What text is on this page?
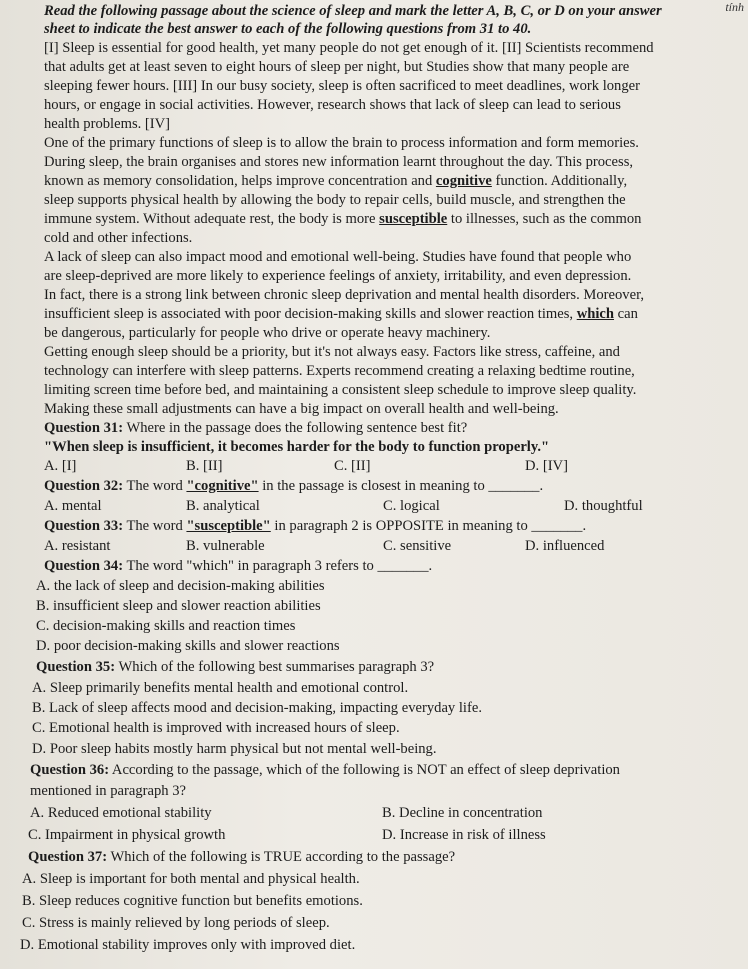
tính
Read the following passage about the science of sleep and mark the letter A, B, C, or D on your answer
sheet to indicate the best answer to each of the following questions from 31 to 40.
[I] Sleep is essential for good health, yet many people do not get enough of it. [II] Scientists recommend
that adults get at least seven to eight hours of sleep per night, but Studies show that many people are
sleeping fewer hours. [III] In our busy society, sleep is often sacrificed to meet deadlines, work longer
hours, or engage in social activities. However, research shows that lack of sleep can lead to serious
health problems. [IV]
One of the primary functions of sleep is to allow the brain to process information and form memories.
During sleep, the brain organises and stores new information learnt throughout the day. This process,
known as memory consolidation, helps improve concentration and cognitive function. Additionally,
sleep supports physical health by allowing the body to repair cells, build muscle, and strengthen the
immune system. Without adequate rest, the body is more susceptible to illnesses, such as the common
cold and other infections.
A lack of sleep can also impact mood and emotional well-being. Studies have found that people who
are sleep-deprived are more likely to experience feelings of anxiety, irritability, and even depression.
In fact, there is a strong link between chronic sleep deprivation and mental health disorders. Moreover,
insufficient sleep is associated with poor decision-making skills and slower reaction times, which can
be dangerous, particularly for people who drive or operate heavy machinery.
Getting enough sleep should be a priority, but it's not always easy. Factors like stress, caffeine, and
technology can interfere with sleep patterns. Experts recommend creating a relaxing bedtime routine,
limiting screen time before bed, and maintaining a consistent sleep schedule to improve sleep quality.
Making these small adjustments can have a big impact on overall health and well-being.
Question 31: Where in the passage does the following sentence best fit?
"When sleep is insufficient, it becomes harder for the body to function properly."
A. [I]	B. [II]	C. [II]	D. [IV]
Question 32: The word "cognitive" in the passage is closest in meaning to _______.
A. mental	B. analytical	C. logical	D. thoughtful
Question 33: The word "susceptible" in paragraph 2 is OPPOSITE in meaning to _______.
A. resistant	B. vulnerable	C. sensitive	D. influenced
Question 34: The word "which" in paragraph 3 refers to _______.
A. the lack of sleep and decision-making abilities
B. insufficient sleep and slower reaction abilities
C. decision-making skills and reaction times
D. poor decision-making skills and slower reactions
Question 35: Which of the following best summarises paragraph 3?
A. Sleep primarily benefits mental health and emotional control.
B. Lack of sleep affects mood and decision-making, impacting everyday life.
C. Emotional health is improved with increased hours of sleep.
D. Poor sleep habits mostly harm physical but not mental well-being.
Question 36: According to the passage, which of the following is NOT an effect of sleep deprivation
mentioned in paragraph 3?
A. Reduced emotional stability	B. Decline in concentration
C. Impairment in physical growth	D. Increase in risk of illness
Question 37: Which of the following is TRUE according to the passage?
A. Sleep is important for both mental and physical health.
B. Sleep reduces cognitive function but benefits emotions.
C. Stress is mainly relieved by long periods of sleep.
D. Emotional stability improves only with improved diet.
